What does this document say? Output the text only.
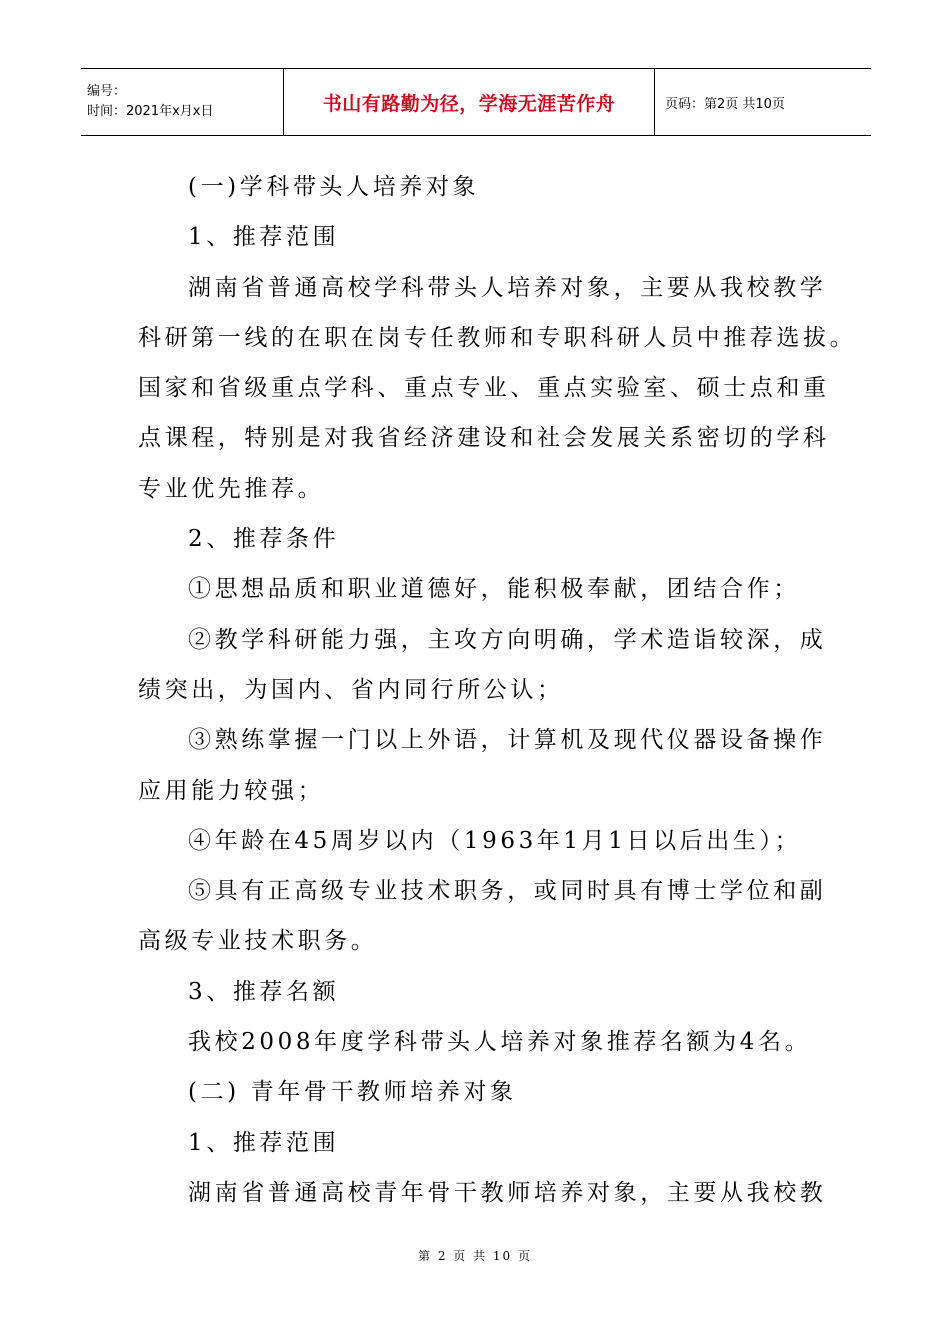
编号：
时间：2021年x月x日	书山有路勤为径，学海无涯苦作舟	页码：第2页 共10页

(一)学科带头人培养对象

1、推荐范围

湖南省普通高校学科带头人培养对象，主要从我校教学

科研第一线的在职在岗专任教师和专职科研人员中推荐选拔。

国家和省级重点学科、重点专业、重点实验室、硕士点和重

点课程，特别是对我省经济建设和社会发展关系密切的学科

专业优先推荐。

2、推荐条件

①思想品质和职业道德好，能积极奉献，团结合作；

②教学科研能力强，主攻方向明确，学术造诣较深，成

绩突出，为国内、省内同行所公认；

③熟练掌握一门以上外语，计算机及现代仪器设备操作

应用能力较强；

④年龄在45周岁以内（1963年1月1日以后出生）；

⑤具有正高级专业技术职务，或同时具有博士学位和副

高级专业技术职务。

3、推荐名额

我校2008年度学科带头人培养对象推荐名额为4名。

(二) 青年骨干教师培养对象

1、推荐范围

湖南省普通高校青年骨干教师培养对象，主要从我校教

第 2 页 共 10 页
